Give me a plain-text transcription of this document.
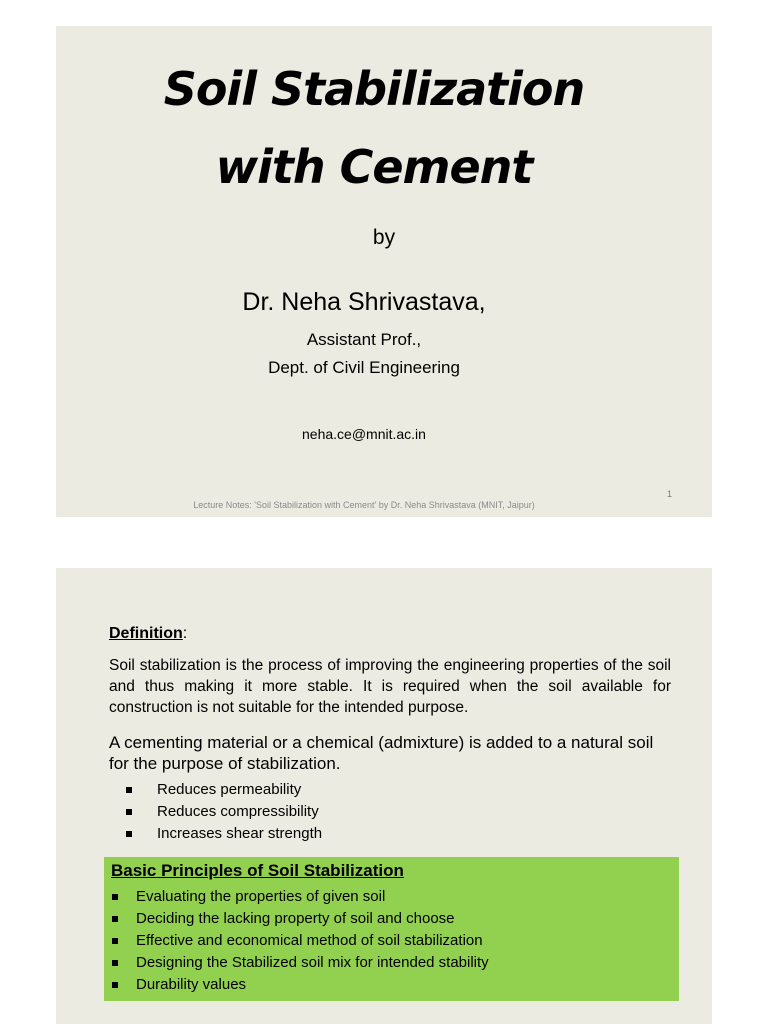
Soil Stabilization
with Cement
by
Dr. Neha Shrivastava,
Assistant Prof.,
Dept. of Civil Engineering
neha.ce@mnit.ac.in
Lecture Notes: 'Soil Stabilization with Cement' by Dr. Neha Shrivastava (MNIT, Jaipur)
1
Definition:
Soil stabilization is the process of improving the engineering properties of the soil and thus making it more stable. It is required when the soil available for construction is not suitable for the intended purpose.
A cementing material or a chemical (admixture) is added to a natural soil for the purpose of stabilization.
Reduces permeability
Reduces compressibility
Increases shear strength
Basic Principles of Soil Stabilization
Evaluating the properties of given soil
Deciding the lacking property of soil and choose
Effective and economical method of soil stabilization
Designing the Stabilized soil mix for intended stability
Durability values
